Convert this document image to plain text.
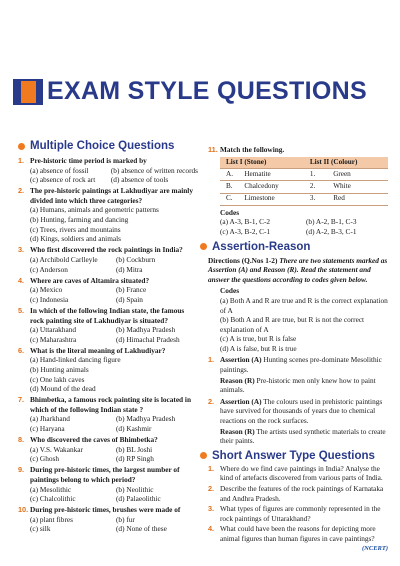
EXAM STYLE QUESTIONS
Multiple Choice Questions
1. Pre-historic time period is marked by
(a) absence of fossil	(b) absence of written records
(c) absence of rock art	(d) absence of tools
2. The pre-historic paintings at Lakhudiyar are mainly divided into which three categories?
(a) Humans, animals and geometric patterns
(b) Hunting, farming and dancing
(c) Trees, rivers and mountains
(d) Kings, soldiers and animals
3. Who first discovered the rock paintings in India?
(a) Archibold Carlleyle	(b) Cockburn
(c) Anderson	(d) Mitra
4. Where are caves of Altamira situated?
(a) Mexico	(b) France
(c) Indonesia	(d) Spain
5. In which of the following Indian state, the famous rock painting site of Lakhudiyar is situated?
(a) Uttarakhand	(b) Madhya Pradesh
(c) Maharashtra	(d) Himachal Pradesh
6. What is the literal meaning of Lakhudiyar?
(a) Hand-linked dancing figure
(b) Hunting animals
(c) One lakh caves
(d) Mound of the dead
7. Bhimbetka, a famous rock painting site is located in which of the following Indian state ?
(a) Jharkhand	(b) Madhya Pradesh
(c) Haryana	(d) Kashmir
8. Who discovered the caves of Bhimbetka?
(a) V.S. Wakankar	(b) BL Joshi
(c) Ghosh	(d) RP Singh
9. During pre-historic times, the largest number of paintings belong to which period?
(a) Mesolithic	(b) Neolithic
(c) Chalcolithic	(d) Palaeolithic
10. During pre-historic times, brushes were made of
(a) plant fibres	(b) fur
(c) silk	(d) None of these
11. Match the following.
List I (Stone)		List II (Colour)	
A.	Hematite	1.	Green
B.	Chalcedony	2.	White
C.	Limestone	3.	Red
Codes
(a) A-3, B-1, C-2	(b) A-2, B-1, C-3
(c) A-3, B-2, C-1	(d) A-2, B-3, C-1
Assertion-Reason
Directions (Q.Nos 1-2) There are two statements marked as Assertion (A) and Reason (R). Read the statement and answer the questions according to codes given below.
Codes
(a) Both A and R are true and R is the correct explanation of A
(b) Both A and R are true, but R is not the correct explanation of A
(c) A is true, but R is false
(d) A is false, but R is true
1. Assertion (A) Hunting scenes pre-dominate Mesolithic paintings.
Reason (R) Pre-historic men only knew how to paint animals.
2. Assertion (A) The colours used in prehistoric paintings have survived for thousands of years due to chemical reactions on the rock surfaces.
Reason (R) The artists used synthetic materials to create their paints.
Short Answer Type Questions
1. Where do we find cave paintings in India? Analyse the kind of artefacts discovered from various parts of India.
2. Describe the features of the rock paintings of Karnataka and Andhra Pradesh.
3. What types of figures are commonly represented in the rock paintings of Uttarakhand?
4. What could have been the reasons for depicting more animal figures than human figures in cave paintings?
(NCERT)
